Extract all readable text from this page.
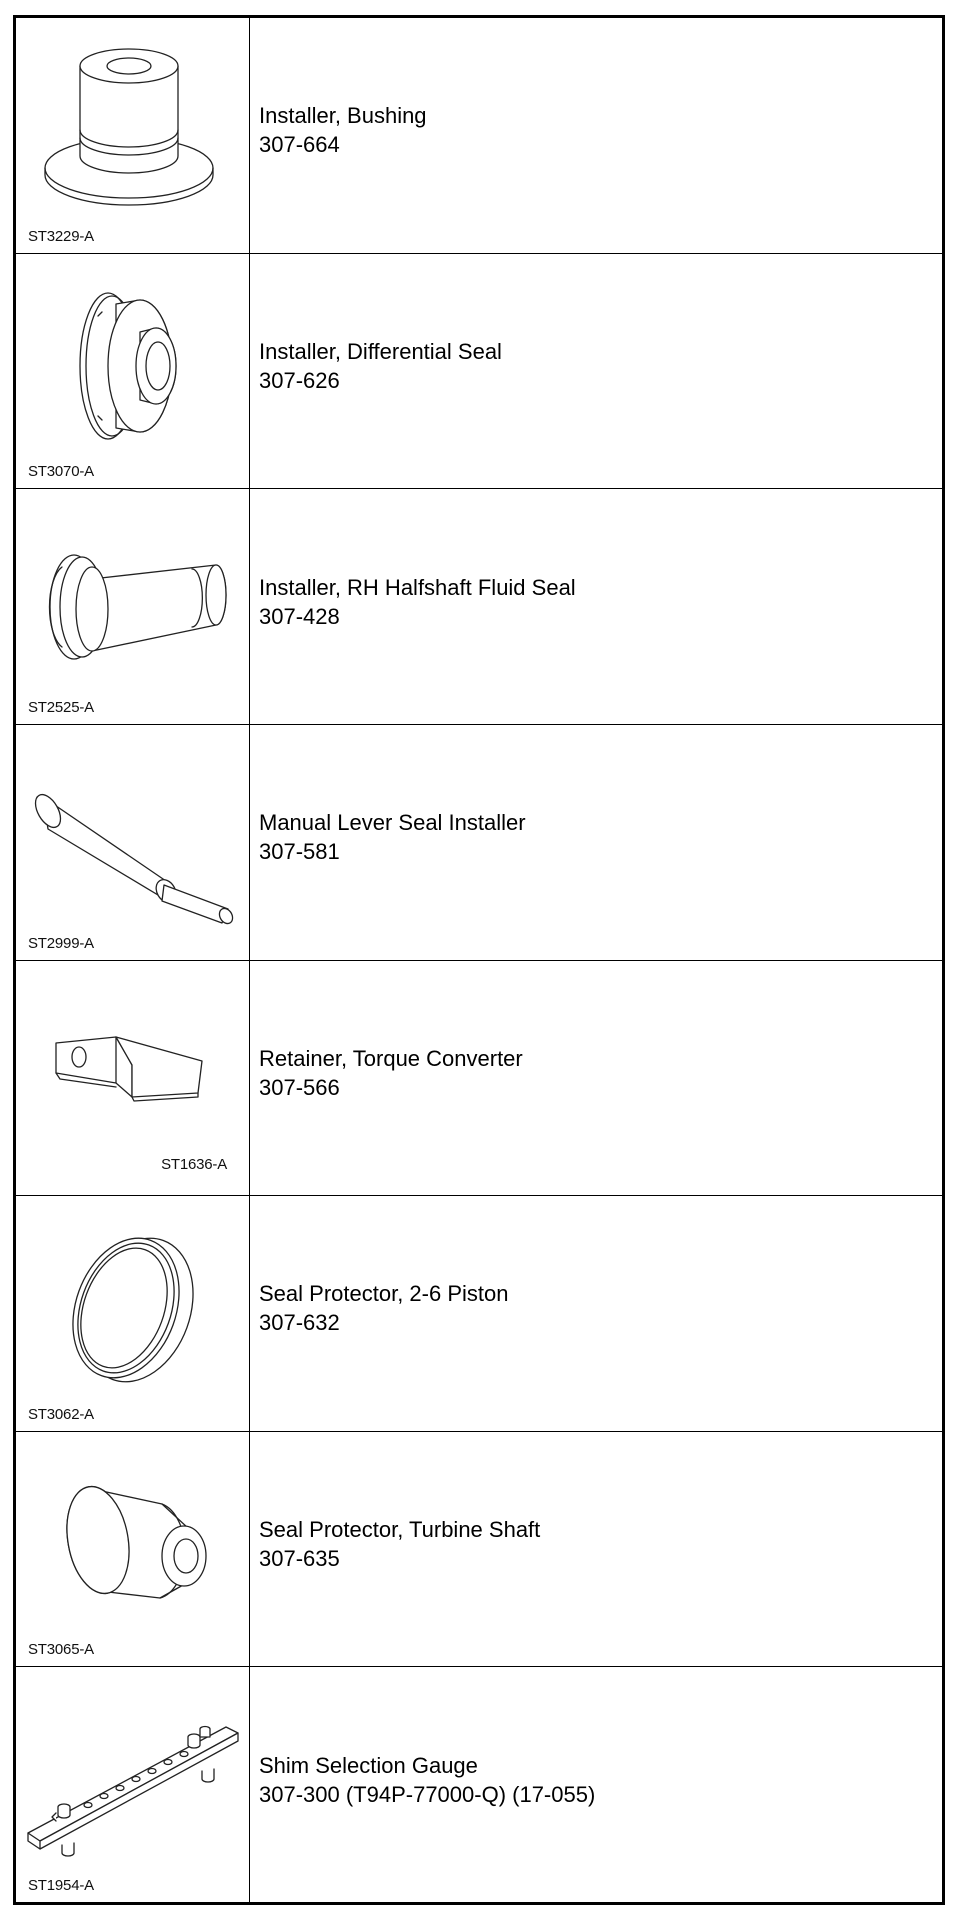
ST3229-A
Installer, Bushing
307-664
ST3070-A
Installer, Differential Seal
307-626
ST2525-A
Installer, RH Halfshaft Fluid Seal
307-428
ST2999-A
Manual Lever Seal Installer
307-581
ST1636-A
Retainer, Torque Converter
307-566
ST3062-A
Seal Protector, 2-6 Piston
307-632
ST3065-A
Seal Protector, Turbine Shaft
307-635
ST1954-A
Shim Selection Gauge
307-300 (T94P-77000-Q) (17-055)
